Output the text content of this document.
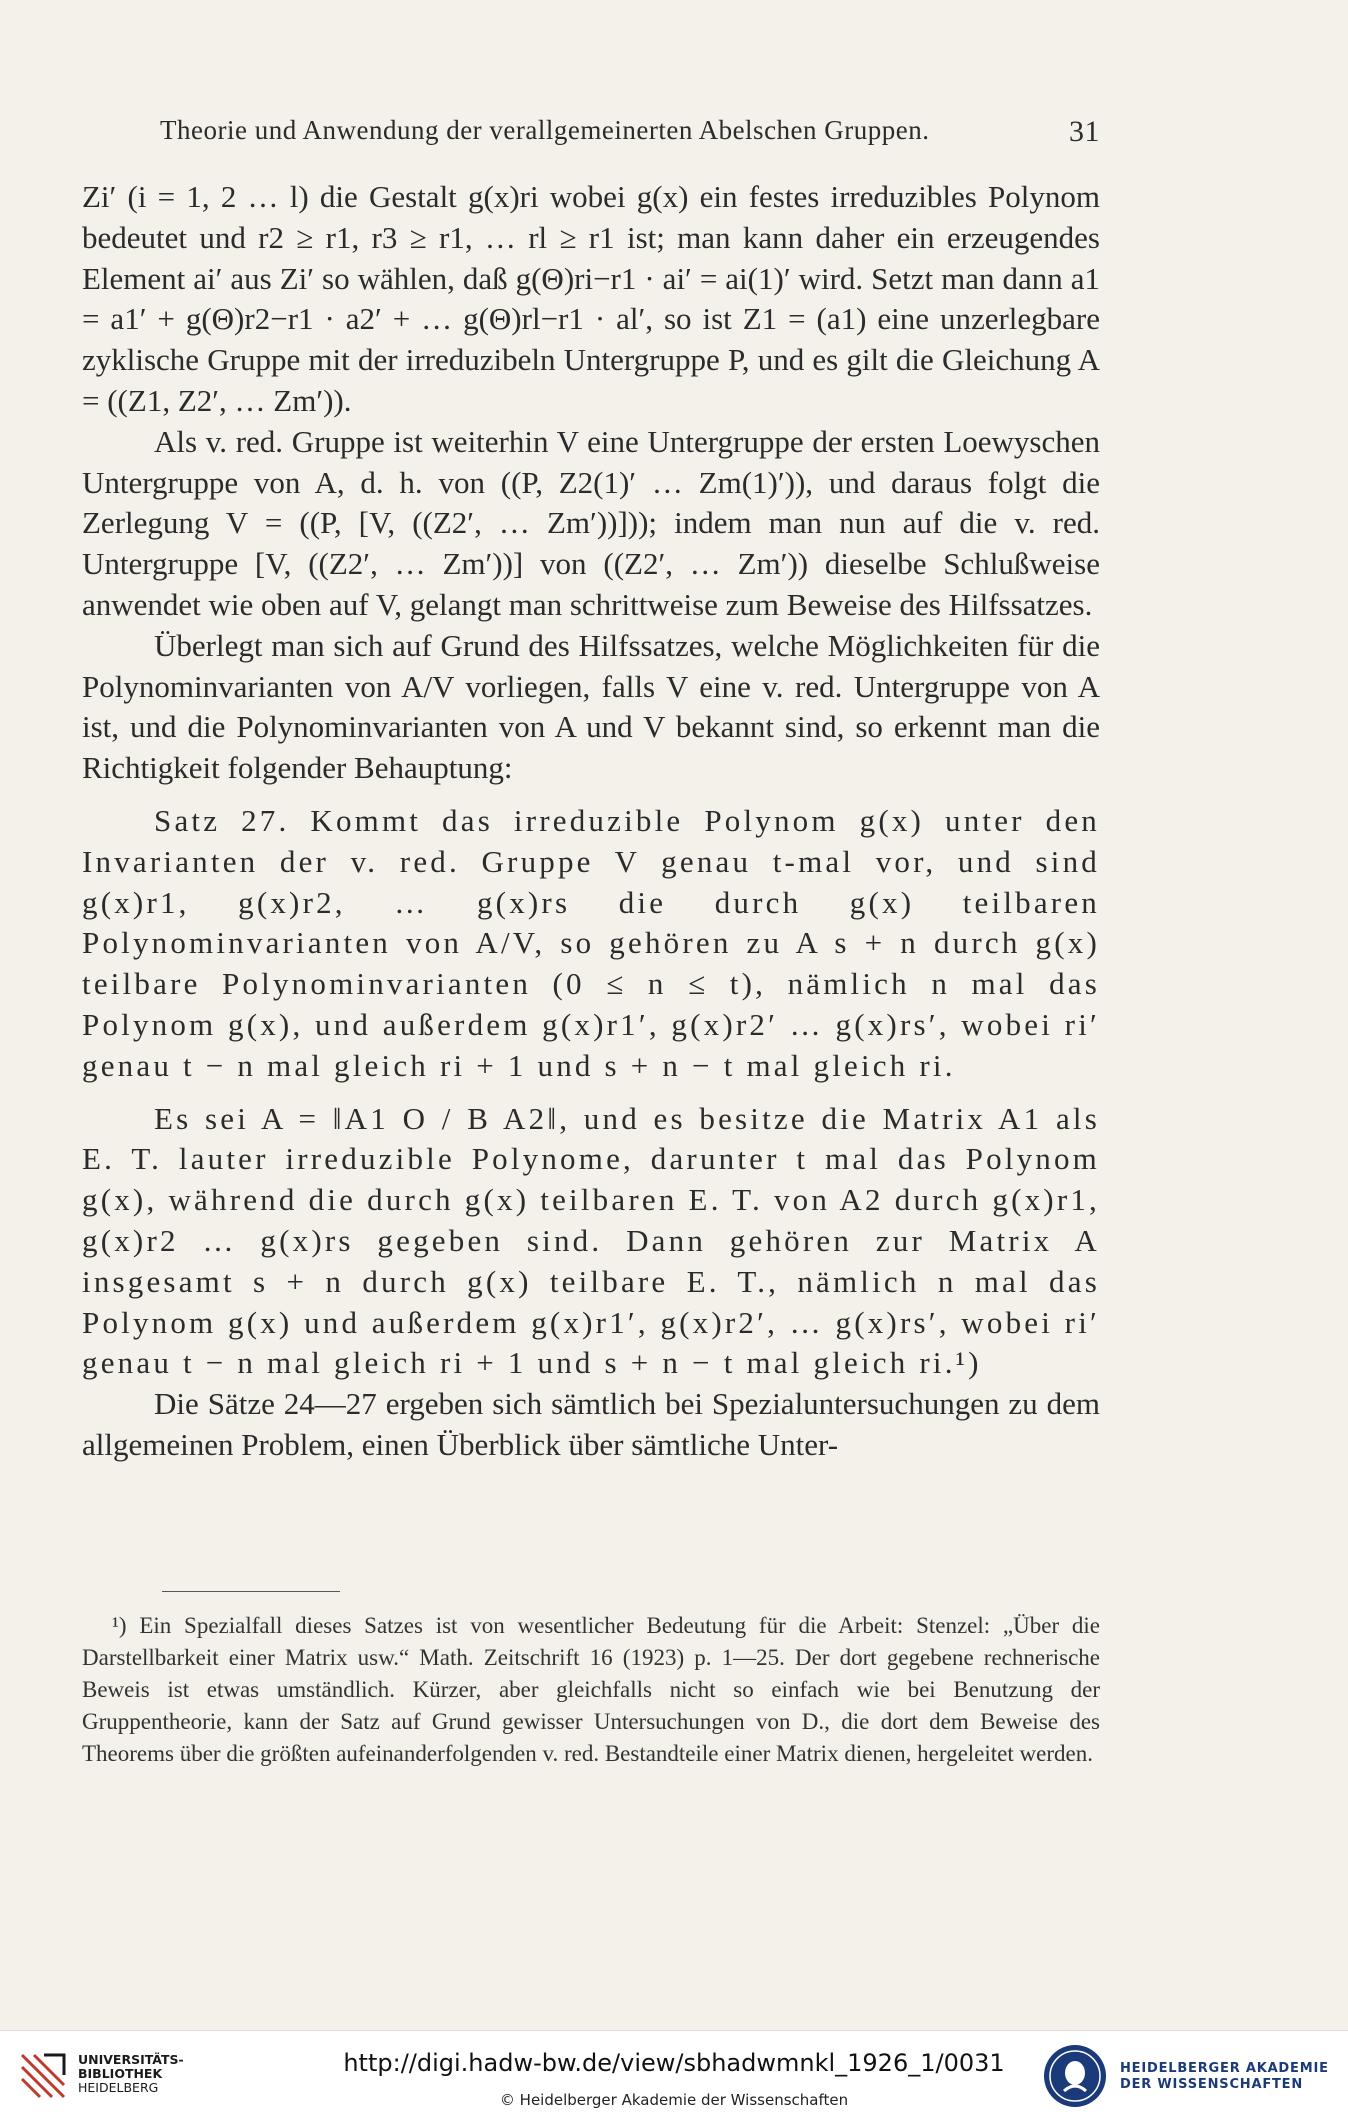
Theorie und Anwendung der verallgemeinerten Abelschen Gruppen.	31

Zi′ (i = 1, 2 … l) die Gestalt g(x)ri wobei g(x) ein festes irreduzibles Polynom bedeutet und r2 ≥ r1, r3 ≥ r1, … rl ≥ r1 ist; man kann daher ein erzeugendes Element ai′ aus Zi′ so wählen, daß g(Θ)ri−r1 · ai′ = ai(1)′ wird. Setzt man dann a1 = a1′ + g(Θ)r2−r1 · a2′ + … g(Θ)rl−r1 · al′, so ist Z1 = (a1) eine unzerlegbare zyklische Gruppe mit der irreduzibeln Untergruppe P, und es gilt die Gleichung A = ((Z1, Z2′, … Zm′)).

Als v. red. Gruppe ist weiterhin V eine Untergruppe der ersten Loewyschen Untergruppe von A, d. h. von ((P, Z2(1)′ … Zm(1)′)), und daraus folgt die Zerlegung V = ((P, [V, ((Z2′, … Zm′))])); indem man nun auf die v. red. Untergruppe [V, ((Z2′, … Zm′))] von ((Z2′, … Zm′)) dieselbe Schlußweise anwendet wie oben auf V, gelangt man schrittweise zum Beweise des Hilfssatzes.

Überlegt man sich auf Grund des Hilfssatzes, welche Möglichkeiten für die Polynominvarianten von A/V vorliegen, falls V eine v. red. Untergruppe von A ist, und die Polynominvarianten von A und V bekannt sind, so erkennt man die Richtigkeit folgender Behauptung:

Satz 27. Kommt das irreduzible Polynom g(x) unter den Invarianten der v. red. Gruppe V genau t-mal vor, und sind g(x)r1, g(x)r2, … g(x)rs die durch g(x) teilbaren Polynominvarianten von A/V, so gehören zu A s + n durch g(x) teilbare Polynominvarianten (0 ≤ n ≤ t), nämlich n mal das Polynom g(x), und außerdem g(x)r1′, g(x)r2′ … g(x)rs′, wobei ri′ genau t − n mal gleich ri + 1 und s + n − t mal gleich ri.

Es sei A = ‖A1 O / B A2‖, und es besitze die Matrix A1 als E. T. lauter irreduzible Polynome, darunter t mal das Polynom g(x), während die durch g(x) teilbaren E. T. von A2 durch g(x)r1, g(x)r2 … g(x)rs gegeben sind. Dann gehören zur Matrix A insgesamt s + n durch g(x) teilbare E. T., nämlich n mal das Polynom g(x) und außerdem g(x)r1′, g(x)r2′, … g(x)rs′, wobei ri′ genau t − n mal gleich ri + 1 und s + n − t mal gleich ri.¹)

Die Sätze 24—27 ergeben sich sämtlich bei Spezialuntersuchungen zu dem allgemeinen Problem, einen Überblick über sämtliche Unter-

¹) Ein Spezialfall dieses Satzes ist von wesentlicher Bedeutung für die Arbeit: Stenzel: „Über die Darstellbarkeit einer Matrix usw.“ Math. Zeitschrift 16 (1923) p. 1—25. Der dort gegebene rechnerische Beweis ist etwas umständlich. Kürzer, aber gleichfalls nicht so einfach wie bei Benutzung der Gruppentheorie, kann der Satz auf Grund gewisser Untersuchungen von D., die dort dem Beweise des Theorems über die größten aufeinanderfolgenden v. red. Bestandteile einer Matrix dienen, hergeleitet werden.

UNIVERSITÄTS-
BIBLIOTHEK
HEIDELBERG
http://digi.hadw-bw.de/view/sbhadwmnkl_1926_1/0031
© Heidelberger Akademie der Wissenschaften
HEIDELBERGER AKADEMIE
DER WISSENSCHAFTEN
